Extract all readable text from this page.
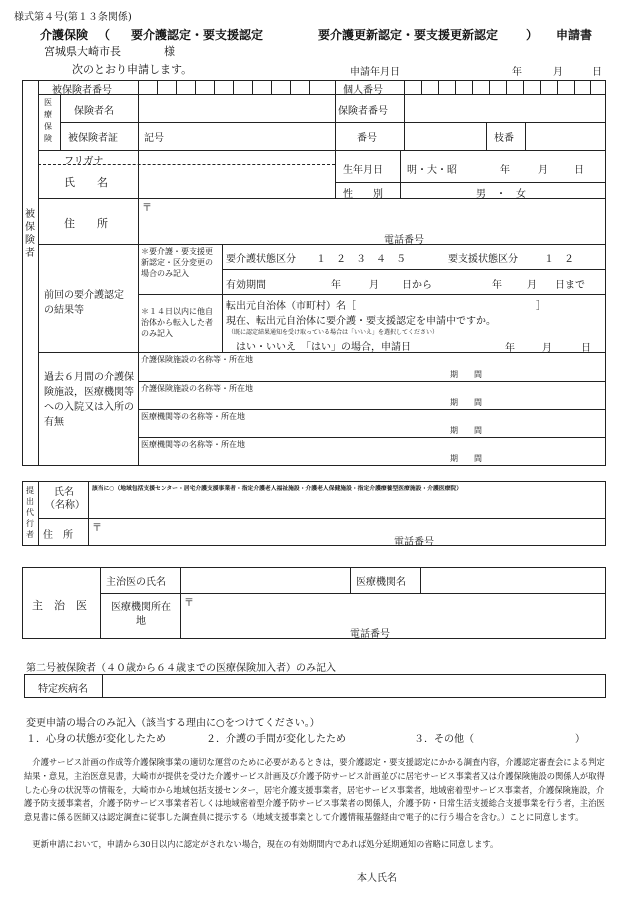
様式第４号(第１３条関係)
介護保険 （ 要介護認定・要支援認定	要介護更新認定・要支援更新認定 ） 申請書
宮城県大崎市長	様
次のとおり申請します。	申請年月日	年	月	日
被保険者
被保険者番号	個人番号
医療保険
保険者名	保険者番号
被保険者証	記号	番号	枝番
フリガナ
氏　　名
生年月日 明・大・昭	年	月	日
性　　別	男　・　女
住　　所
〒
電話番号
前回の要介護認定の結果等
＊要介護・要支援更新認定・区分変更の場合のみ記入
要介護状態区分 １　２　３　４　５	要支援状態区分	１　２
有効期間	年	月 日から	年	月 日まで
＊１４日以内に他自治体から転入した者のみ記入
転出元自治体（市町村）名［　　　　　　　　　　　　　　　　　　］
現在、転出元自治体に要介護・要支援認定を申請中ですか。
（既に認定結果通知を受け取っている場合は「いいえ」を選択してください）
はい・いいえ　「はい」の場合，申請日	年	月	日
過去６月間の介護保険施設，医療機関等への入院又は入所の有無
介護保険施設の名称等・所在地
期　　間
介護保険施設の名称等・所在地
期　　間
医療機関等の名称等・所在地
期　　間
医療機関等の名称等・所在地
期　　間
提出代行者
氏名（名称）
該当に○（地域包括支援センター・居宅介護支援事業者・指定介護老人福祉施設・介護老人保健施設・指定介護療養型医療施設・介護医療院）
住　所
〒
電話番号
主　治　医
主治医の氏名	医療機関名
医療機関所在地
〒
電話番号
第二号被保険者（４０歳から６４歳までの医療保険加入者）のみ記入
特定疾病名
変更申請の場合のみ記入（該当する理由に○をつけてください。）
１．心身の状態が変化したため	２．介護の手間が変化したため	３．その他（	）
　介護サービス計画の作成等介護保険事業の適切な運営のために必要があるときは，要介護認定・要支援認定にかかる調査内容，介護認定審査会による判定結果・意見，主治医意見書，大崎市が提供を受けた介護サービス計画及び介護予防サービス計画並びに居宅サービス事業者又は介護保険施設の関係人が取得した心身の状況等の情報を，大崎市から地域包括支援センター，居宅介護支援事業者，居宅サービス事業者，地域密着型サービス事業者，介護保険施設，介護予防支援事業者，介護予防サービス事業者若しくは地域密着型介護予防サービス事業者の関係人，介護予防・日常生活支援総合支援事業を行う者，主治医意見書に係る医師又は認定調査に従事した調査員に提示する（地域支援事業として介護情報基盤経由で電子的に行う場合を含む。）ことに同意します。
　更新申請において，申請から30日以内に認定がされない場合，現在の有効期間内であれば処分延期通知の省略に同意します。
本人氏名
